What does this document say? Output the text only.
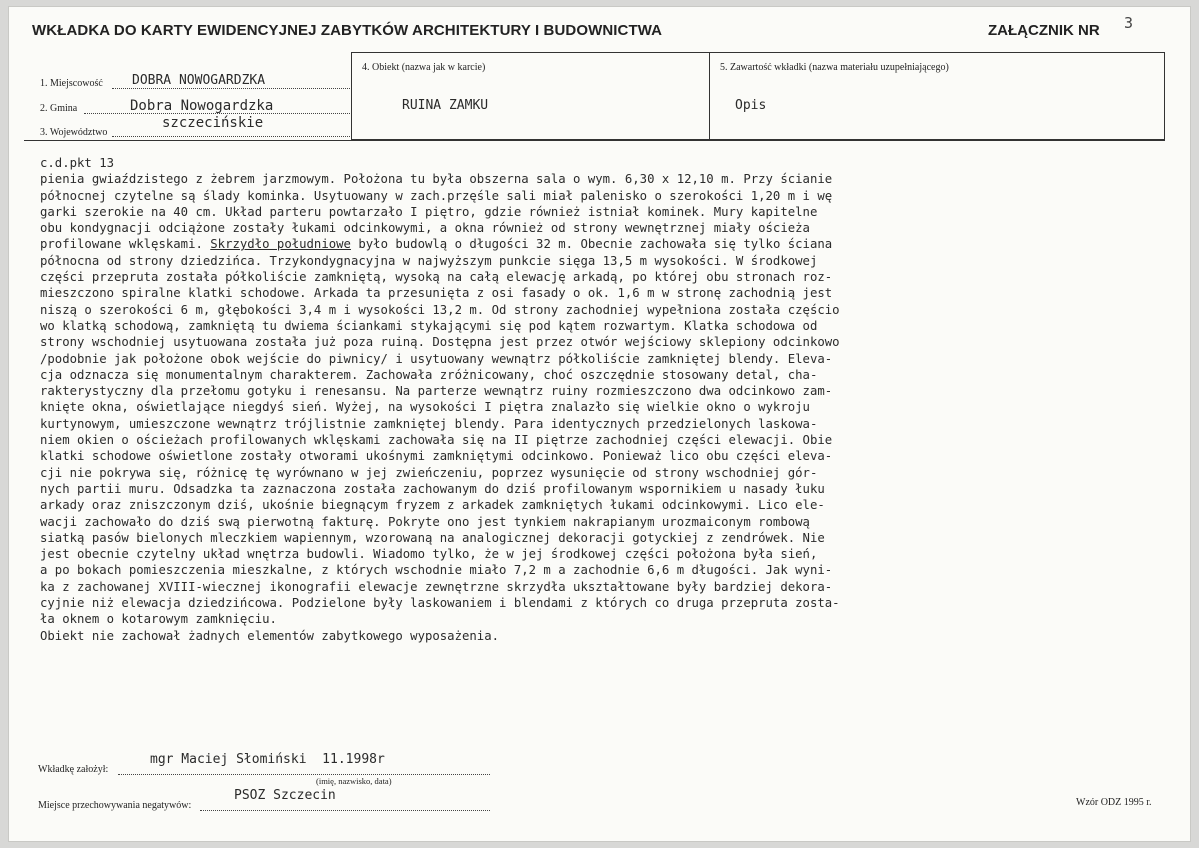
WKŁADKA DO KARTY EWIDENCYJNEJ ZABYTKÓW ARCHITEKTURY I BUDOWNICTWA	ZAŁĄCZNIK NR 3
1. Miejscowość DOBRA NOWOGARDZKA
2. Gmina	Dobra Nowogardzka
3. Województwo
szczecińskie
4. Obiekt (nazwa jak w karcie)
RUINA ZAMKU
5. Zawartość wkładki (nazwa materiału uzupełniającego)
Opis
c.d.pkt 13
pienia gwiaździstego z żebrem jarzmowym. Położona tu była obszerna sala o wym. 6,30 x 12,10 m. Przy ścianie
północnej czytelne są ślady kominka. Usytuowany w zach.przęśle sali miał palenisko o szerokości 1,20 m i wę
garki szerokie na 40 cm. Układ parteru powtarzało I piętro, gdzie również istniał kominek. Mury kapitelne
obu kondygnacji odciążone zostały łukami odcinkowymi, a okna również od strony wewnętrznej miały ościeża
profilowane wklęskami. Skrzydło południowe było budowlą o długości 32 m. Obecnie zachowała się tylko ściana
północna od strony dziedzińca. Trzykondygnacyjna w najwyższym punkcie sięga 13,5 m wysokości. W środkowej
części przepruta została półkoliście zamkniętą, wysoką na całą elewację arkadą, po której obu stronach roz-
mieszczono spiralne klatki schodowe. Arkada ta przesunięta z osi fasady o ok. 1,6 m w stronę zachodnią jest
niszą o szerokości 6 m, głębokości 3,4 m i wysokości 13,2 m. Od strony zachodniej wypełniona została częścio
wo klatką schodową, zamkniętą tu dwiema ściankami stykającymi się pod kątem rozwartym. Klatka schodowa od
strony wschodniej usytuowana została już poza ruiną. Dostępna jest przez otwór wejściowy sklepiony odcinkowo
/podobnie jak położone obok wejście do piwnicy/ i usytuowany wewnątrz półkoliście zamkniętej blendy. Eleva-
cja odznacza się monumentalnym charakterem. Zachowała zróżnicowany, choć oszczędnie stosowany detal, cha-
rakterystyczny dla przełomu gotyku i renesansu. Na parterze wewnątrz ruiny rozmieszczono dwa odcinkowo zam-
knięte okna, oświetlające niegdyś sień. Wyżej, na wysokości I piętra znalazło się wielkie okno o wykroju
kurtynowym, umieszczone wewnątrz trójlistnie zamkniętej blendy. Para identycznych przedzielonych laskowa-
niem okien o ościeżach profilowanych wklęskami zachowała się na II piętrze zachodniej części elewacji. Obie
klatki schodowe oświetlone zostały otworami ukośnymi zamkniętymi odcinkowo. Ponieważ lico obu części eleva-
cji nie pokrywa się, różnicę tę wyrównano w jej zwieńczeniu, poprzez wysunięcie od strony wschodniej gór-
nych partii muru. Odsadzka ta zaznaczona została zachowanym do dziś profilowanym wspornikiem u nasady łuku
arkady oraz zniszczonym dziś, ukośnie biegnącym fryzem z arkadek zamkniętych łukami odcinkowymi. Lico ele-
wacji zachowało do dziś swą pierwotną fakturę. Pokryte ono jest tynkiem nakrapianym urozmaiconym rombową
siatką pasów bielonych mleczkiem wapiennym, wzorowaną na analogicznej dekoracji gotyckiej z zendrówek. Nie
jest obecnie czytelny układ wnętrza budowli. Wiadomo tylko, że w jej środkowej części położona była sień,
a po bokach pomieszczenia mieszkalne, z których wschodnie miało 7,2 m a zachodnie 6,6 m długości. Jak wyni-
ka z zachowanej XVIII-wiecznej ikonografii elewacje zewnętrzne skrzydła ukształtowane były bardziej dekora-
cyjnie niż elewacja dziedzińcowa. Podzielone były laskowaniem i blendami z których co druga przepruta zosta-
ła oknem o kotarowym zamknięciu.
Obiekt nie zachował żadnych elementów zabytkowego wyposażenia.
Wkładkę założył:
mgr Maciej Słomiński  11.1998r
(imię, nazwisko, data)
Miejsce przechowywania negatywów:
PSOZ Szczecin	Wzór ODZ 1995 r.
